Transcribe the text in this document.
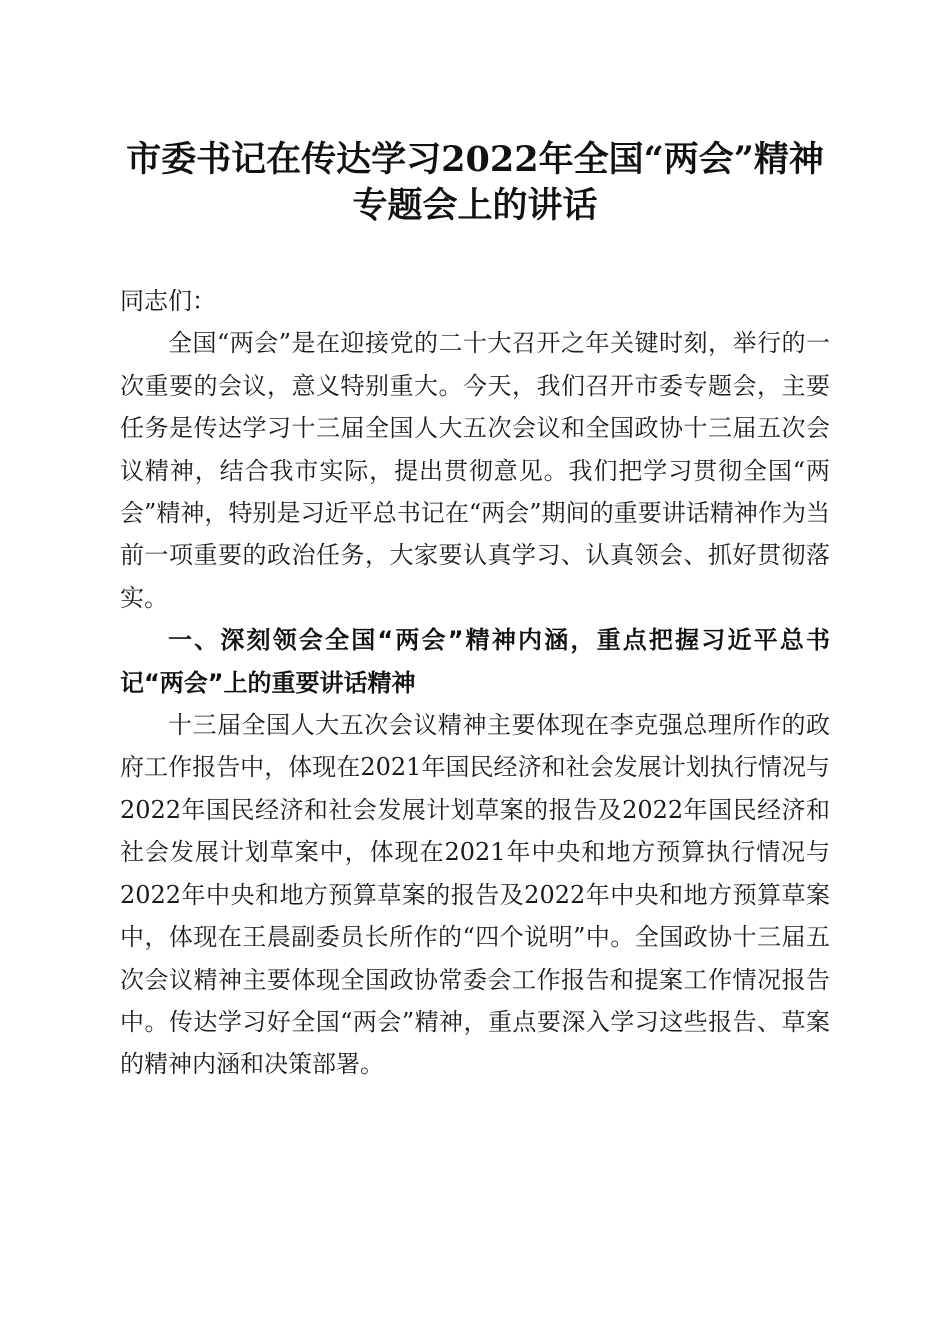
市委书记在传达学习2022年全国“两会”精神专题会上的讲话

同志们：

全国“两会”是在迎接党的二十大召开之年关键时刻，举行的一次重要的会议，意义特别重大。今天，我们召开市委专题会，主要任务是传达学习十三届全国人大五次会议和全国政协十三届五次会议精神，结合我市实际，提出贯彻意见。我们把学习贯彻全国“两会”精神，特别是习近平总书记在“两会”期间的重要讲话精神作为当前一项重要的政治任务，大家要认真学习、认真领会、抓好贯彻落实。

一、深刻领会全国“两会”精神内涵，重点把握习近平总书记“两会”上的重要讲话精神

十三届全国人大五次会议精神主要体现在李克强总理所作的政府工作报告中，体现在2021年国民经济和社会发展计划执行情况与2022年国民经济和社会发展计划草案的报告及2022年国民经济和社会发展计划草案中，体现在2021年中央和地方预算执行情况与2022年中央和地方预算草案的报告及2022年中央和地方预算草案中，体现在王晨副委员长所作的“四个说明”中。全国政协十三届五次会议精神主要体现全国政协常委会工作报告和提案工作情况报告中。传达学习好全国“两会”精神，重点要深入学习这些报告、草案的精神内涵和决策部署。
